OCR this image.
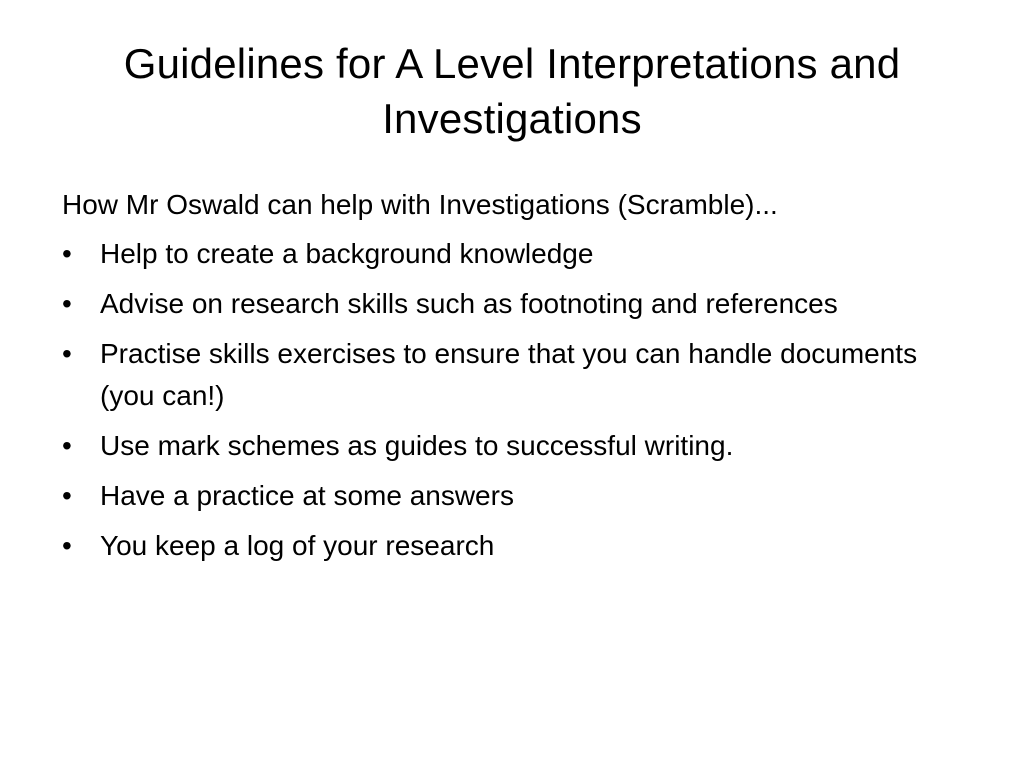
Guidelines for A Level Interpretations and Investigations

How Mr Oswald can help with Investigations (Scramble)...

•	Help to create a background knowledge
•	Advise on research skills such as footnoting and references
•	Practise skills exercises to ensure that you can handle documents (you can!)
•	Use mark schemes as guides to successful writing.
•	Have a practice at some answers
•	You keep a log of your research
